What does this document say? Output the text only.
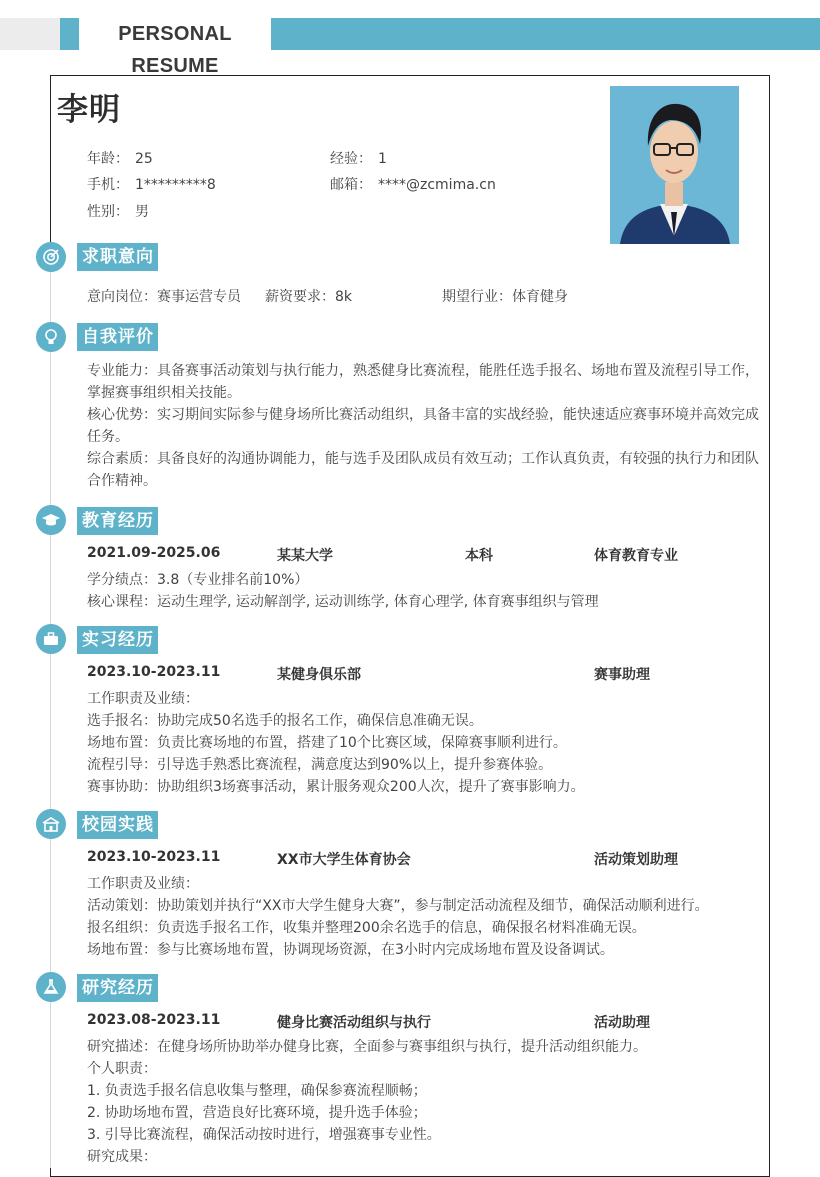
PERSONAL RESUME
李明
年龄： 25	经验： 1
手机： 1*********8	邮箱： ****@zcmima.cn
性别： 男
求职意向
意向岗位：赛事运营专员 薪资要求：8k	期望行业：体育健身
自我评价
专业能力：具备赛事活动策划与执行能力，熟悉健身比赛流程，能胜任选手报名、场地布置及流程引导工作，掌握赛事组织相关技能。
核心优势：实习期间实际参与健身场所比赛活动组织，具备丰富的实战经验，能快速适应赛事环境并高效完成任务。
综合素质：具备良好的沟通协调能力，能与选手及团队成员有效互动；工作认真负责，有较强的执行力和团队合作精神。
教育经历
2021.09-2025.06	某某大学	本科	体育教育专业
学分绩点：3.8（专业排名前10%）
核心课程：运动生理学, 运动解剖学, 运动训练学, 体育心理学, 体育赛事组织与管理
实习经历
2023.10-2023.11	某健身俱乐部	赛事助理
工作职责及业绩：
选手报名：协助完成50名选手的报名工作，确保信息准确无误。
场地布置：负责比赛场地的布置，搭建了10个比赛区域，保障赛事顺利进行。
流程引导：引导选手熟悉比赛流程，满意度达到90%以上，提升参赛体验。
赛事协助：协助组织3场赛事活动，累计服务观众200人次，提升了赛事影响力。
校园实践
2023.10-2023.11	XX市大学生体育协会	活动策划助理
工作职责及业绩：
活动策划：协助策划并执行“XX市大学生健身大赛”，参与制定活动流程及细节，确保活动顺利进行。
报名组织：负责选手报名工作，收集并整理200余名选手的信息，确保报名材料准确无误。
场地布置：参与比赛场地布置，协调现场资源，在3小时内完成场地布置及设备调试。
研究经历
2023.08-2023.11	健身比赛活动组织与执行	活动助理
研究描述：在健身场所协助举办健身比赛，全面参与赛事组织与执行，提升活动组织能力。
个人职责：
1. 负责选手报名信息收集与整理，确保参赛流程顺畅；
2. 协助场地布置，营造良好比赛环境，提升选手体验；
3. 引导比赛流程，确保活动按时进行，增强赛事专业性。
研究成果：
